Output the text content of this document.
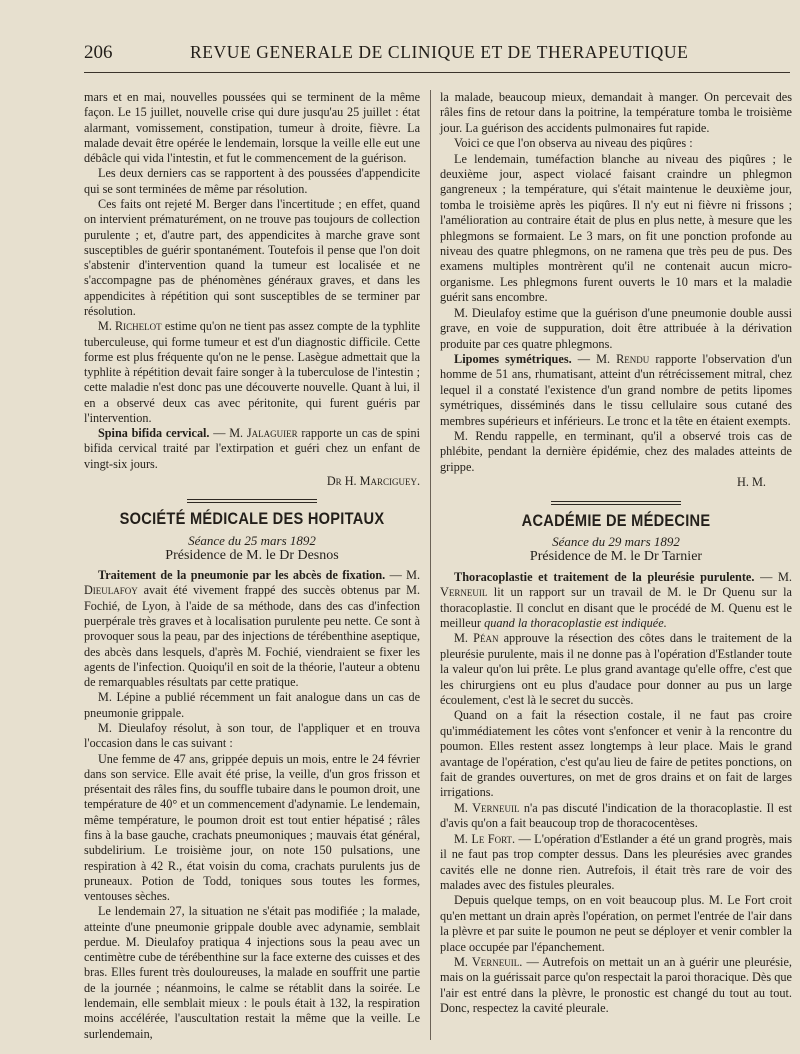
206	REVUE GENERALE DE CLINIQUE ET DE THERAPEUTIQUE

mars et en mai, nouvelles poussées qui se terminent de la même façon. Le 15 juillet, nouvelle crise qui dure jusqu'au 25 juillet : état alarmant, vomissement, constipation, tumeur à droite, fièvre. La malade devait être opérée le lendemain, lorsque la veille elle eut une débâcle qui vida l'intestin, et fut le commencement de la guérison.

Les deux derniers cas se rapportent à des poussées d'appendicite qui se sont terminées de même par résolution.

Ces faits ont rejeté M. Berger dans l'incertitude ; en effet, quand on intervient prématurément, on ne trouve pas toujours de collection purulente ; et, d'autre part, des appendicites à marche grave sont susceptibles de guérir spontanément. Toutefois il pense que l'on doit s'abstenir d'intervention quand la tumeur est localisée et ne s'accompagne pas de phénomènes généraux graves, et dans les appendicites à répétition qui sont susceptibles de se terminer par résolution.

M. Richelot estime qu'on ne tient pas assez compte de la typhlite tuberculeuse, qui forme tumeur et est d'un diagnostic difficile. Cette forme est plus fréquente qu'on ne le pense. Lasègue admettait que la typhlite à répétition devait faire songer à la tuberculose de l'intestin ; cette maladie n'est donc pas une découverte nouvelle. Quant à lui, il en a observé deux cas avec péritonite, qui furent guéris par l'intervention.

Spina bifida cervical. — M. Jalaguier rapporte un cas de spini bifida cervical traité par l'extirpation et guéri chez un enfant de vingt-six jours.

Dr H. Marciguey.
SOCIÉTÉ MÉDICALE DES HOPITAUX
Séance du 25 mars 1892
Présidence de M. le Dr Desnos

Traitement de la pneumonie par les abcès de fixation. — M. Dieulafoy avait été vivement frappé des succès obtenus par M. Fochié, de Lyon, à l'aide de sa méthode, dans des cas d'infection puerpérale très graves et à localisation purulente peu nette. Ce sont à provoquer sous la peau, par des injections de térébenthine aseptique, des abcès dans lesquels, d'après M. Fochié, viendraient se fixer les agents de l'infection. Quoiqu'il en soit de la théorie, l'auteur a obtenu de remarquables résultats par cette pratique.

M. Lépine a publié récemment un fait analogue dans un cas de pneumonie grippale.

M. Dieulafoy résolut, à son tour, de l'appliquer et en trouva l'occasion dans le cas suivant :

Une femme de 47 ans, grippée depuis un mois, entre le 24 février dans son service. Elle avait été prise, la veille, d'un gros frisson et présentait des râles fins, du souffle tubaire dans le poumon droit, une température de 40° et un commencement d'adynamie. Le lendemain, même température, le poumon droit est tout entier hépatisé ; râles fins à la base gauche, crachats pneumoniques ; mauvais état général, subdelirium. Le troisième jour, on note 150 pulsations, une respiration à 42 R., état voisin du coma, crachats purulents jus de pruneaux. Potion de Todd, toniques sous toutes les formes, ventouses sèches.

Le lendemain 27, la situation ne s'était pas modifiée ; la malade, atteinte d'une pneumonie grippale double avec adynamie, semblait perdue. M. Dieulafoy pratiqua 4 injections sous la peau avec un centimètre cube de térébenthine sur la face externe des cuisses et des bras. Elles furent très douloureuses, la malade en souffrit une partie de la journée ; néanmoins, le calme se rétablit dans la soirée. Le lendemain, elle semblait mieux : le pouls était à 132, la respiration moins accélérée, l'auscultation restait la même que la veille. Le surlendemain,

la malade, beaucoup mieux, demandait à manger. On percevait des râles fins de retour dans la poitrine, la température tomba le troisième jour. La guérison des accidents pulmonaires fut rapide.

Voici ce que l'on observa au niveau des piqûres :

Le lendemain, tuméfaction blanche au niveau des piqûres ; le deuxième jour, aspect violacé faisant craindre un phlegmon gangreneux ; la température, qui s'était maintenue le deuxième jour, tomba le troisième après les piqûres. Il n'y eut ni fièvre ni frissons ; l'amélioration au contraire était de plus en plus nette, à mesure que les phlegmons se formaient. Le 3 mars, on fit une ponction profonde au niveau des quatre phlegmons, on ne ramena que très peu de pus. Des examens multiples montrèrent qu'il ne contenait aucun micro-organisme. Les phlegmons furent ouverts le 10 mars et la maladie guérit sans encombre.

M. Dieulafoy estime que la guérison d'une pneumonie double aussi grave, en voie de suppuration, doit être attribuée à la dérivation produite par ces quatre phlegmons.

Lipomes symétriques. — M. Rendu rapporte l'observation d'un homme de 51 ans, rhumatisant, atteint d'un rétrécissement mitral, chez lequel il a constaté l'existence d'un grand nombre de petits lipomes symétriques, disséminés dans le tissu cellulaire sous cutané des membres supérieurs et inférieurs. Le tronc et la tête en étaient exempts.

M. Rendu rappelle, en terminant, qu'il a observé trois cas de phlébite, pendant la dernière épidémie, chez des malades atteints de grippe.

H. M.
ACADÉMIE DE MÉDECINE
Séance du 29 mars 1892
Présidence de M. le Dr Tarnier

Thoracoplastie et traitement de la pleurésie purulente. — M. Verneuil lit un rapport sur un travail de M. le Dr Quenu sur la thoracoplastie. Il conclut en disant que le procédé de M. Quenu est le meilleur quand la thoracoplastie est indiquée.

M. Péan approuve la résection des côtes dans le traitement de la pleurésie purulente, mais il ne donne pas à l'opération d'Estlander toute la valeur qu'on lui prête. Le plus grand avantage qu'elle offre, c'est que les chirurgiens ont eu plus d'audace pour donner au pus un large écoulement, c'est là le secret du succès.

Quand on a fait la résection costale, il ne faut pas croire qu'immédiatement les côtes vont s'enfoncer et venir à la rencontre du poumon. Elles restent assez longtemps à leur place. Mais le grand avantage de l'opération, c'est qu'au lieu de faire de petites ponctions, on fait de grandes ouvertures, on met de gros drains et on fait de larges irrigations.

M. Verneuil n'a pas discuté l'indication de la thoracoplastie. Il est d'avis qu'on a fait beaucoup trop de thoracocentèses.

M. Le Fort. — L'opération d'Estlander a été un grand progrès, mais il ne faut pas trop compter dessus. Dans les pleurésies avec grandes cavités elle ne donne rien. Autrefois, il était très rare de voir des malades avec des fistules pleurales.

Depuis quelque temps, on en voit beaucoup plus. M. Le Fort croit qu'en mettant un drain après l'opération, on permet l'entrée de l'air dans la plèvre et par suite le poumon ne peut se déployer et venir combler la place occupée par l'épanchement.

M. Verneuil. — Autrefois on mettait un an à guérir une pleurésie, mais on la guérissait parce qu'on respectait la paroi thoracique. Dès que l'air est entré dans la plèvre, le pronostic est changé du tout au tout. Donc, respectez la cavité pleurale.
